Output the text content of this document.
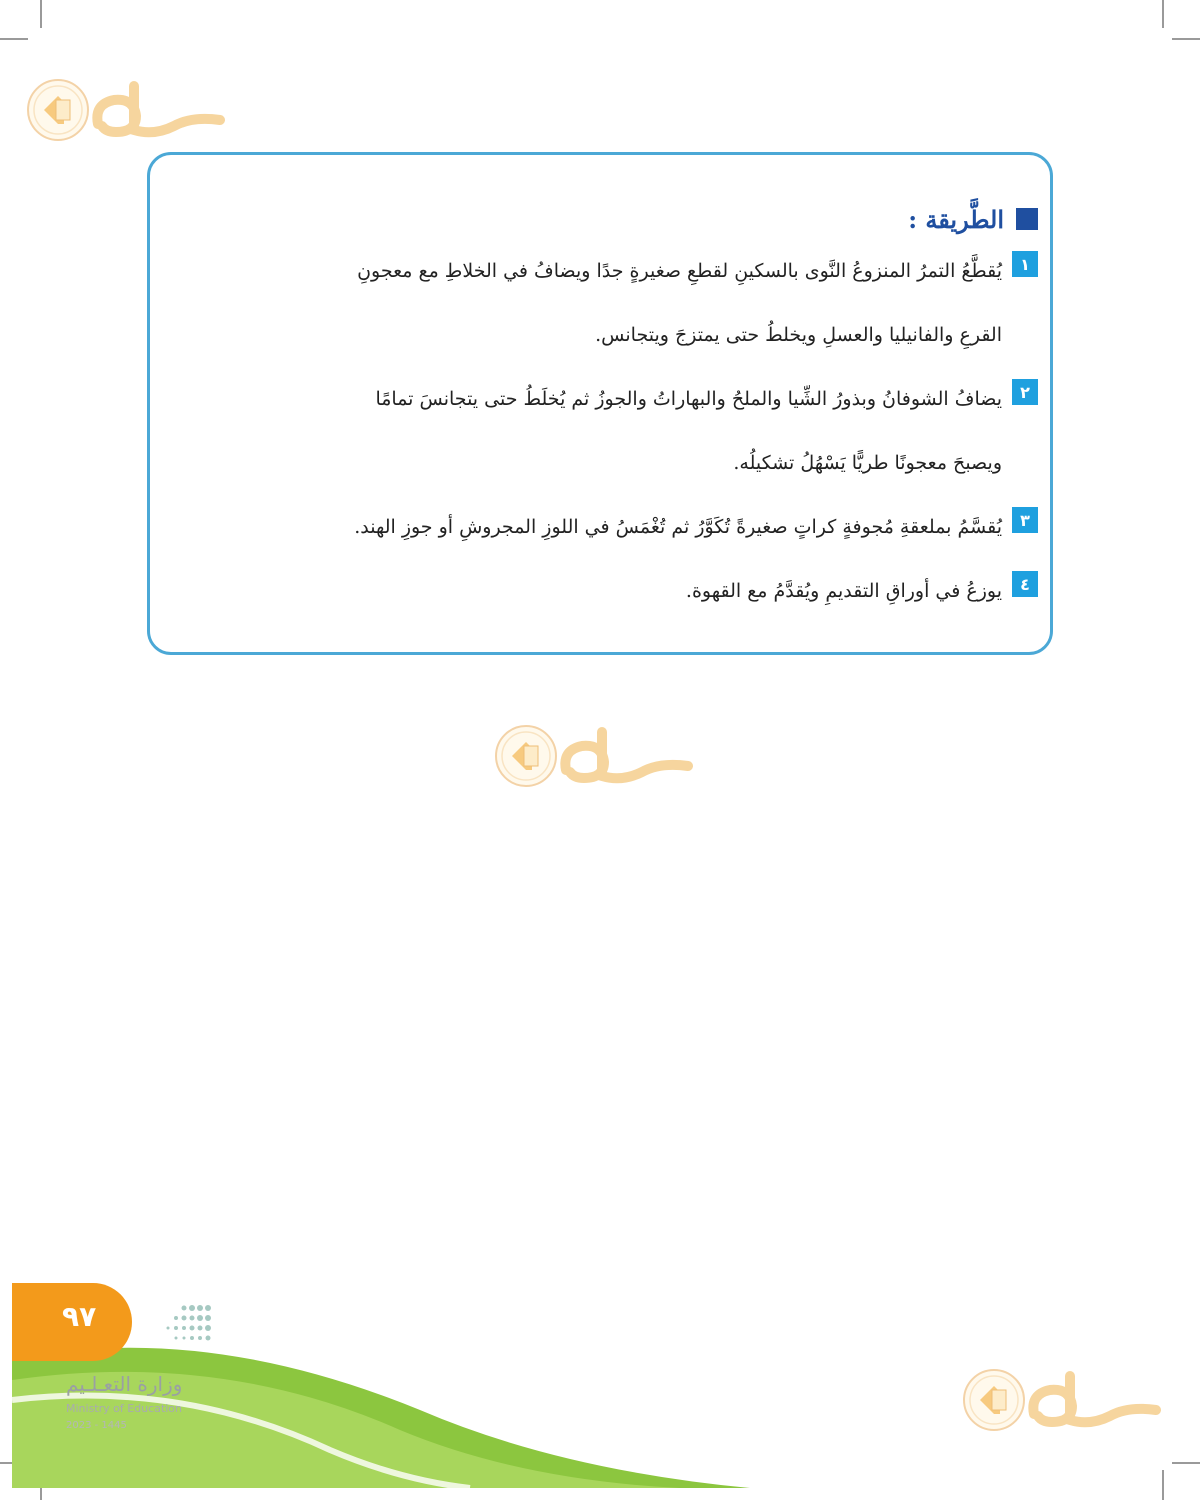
الطَّريقة :
١
يُقطَّعُ التمرُ المنزوعُ النَّوى بالسكينِ لقطعِ صغيرةٍ جدًا ويضافُ في الخلاطِ مع معجونِ
القرعِ والفانيليا والعسلِ ويخلطُ حتى يمتزجَ ويتجانس.
٢
يضافُ الشوفانُ وبذورُ الشِّيا والملحُ والبهاراتُ والجوزُ ثم يُخلَطُ حتى يتجانسَ تمامًا
ويصبحَ معجونًا طريًّا يَسْهُلُ تشكيلُه.
٣
يُقسَّمُ بملعقةِ مُجوفةٍ كراتٍ صغيرةً تُكَوَّرُ ثم تُغْمَسُ في اللوزِ المجروشِ أو جوزِ الهند.
٤
يوزعُ في أوراقِ التقديمِ ويُقدَّمُ مع القهوة.
٩٧
وزارة التعـلـيم
Ministry of Education
2023 - 1445
